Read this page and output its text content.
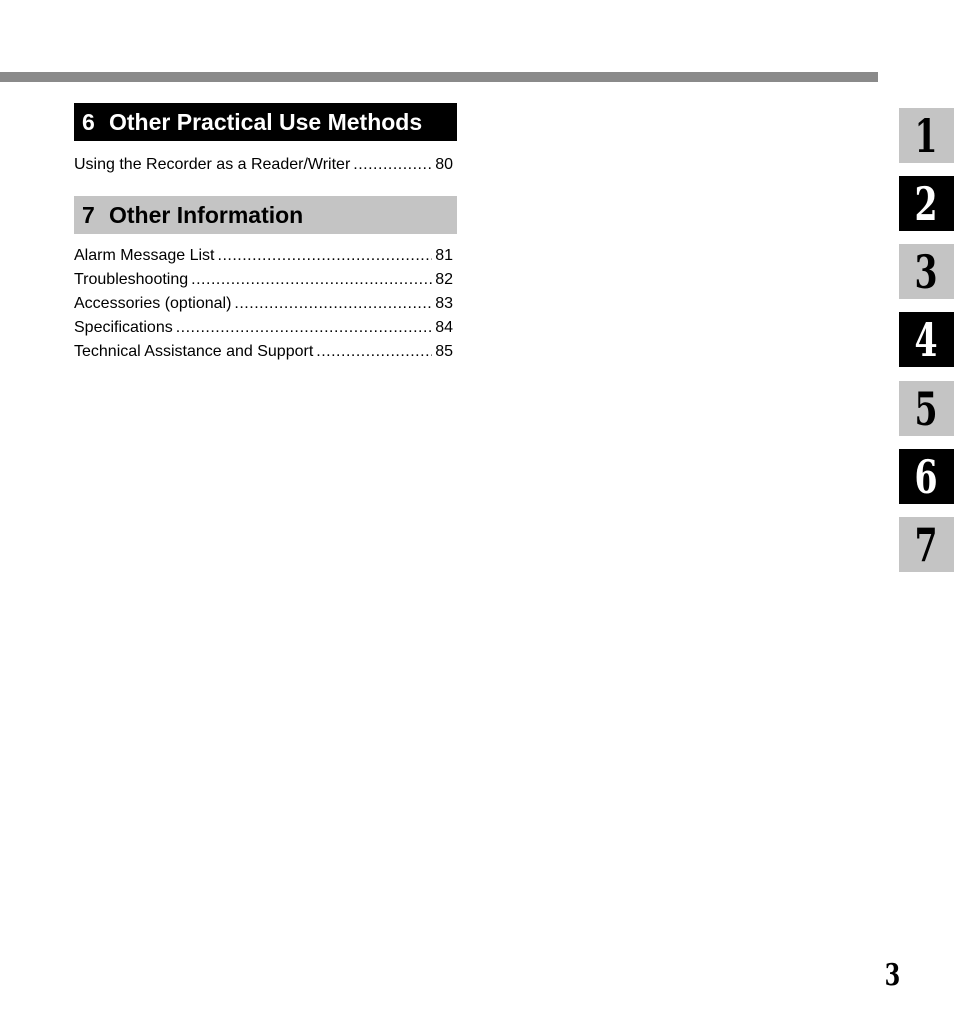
6 Other Practical Use Methods
Using the Recorder as a Reader/Writer .....	80
7 Other Information
Alarm Message List .....	81
Troubleshooting .....	82
Accessories (optional) .....	83
Specifications .....	84
Technical Assistance and Support .....	85
1
2
3
4
5
6
7
3
